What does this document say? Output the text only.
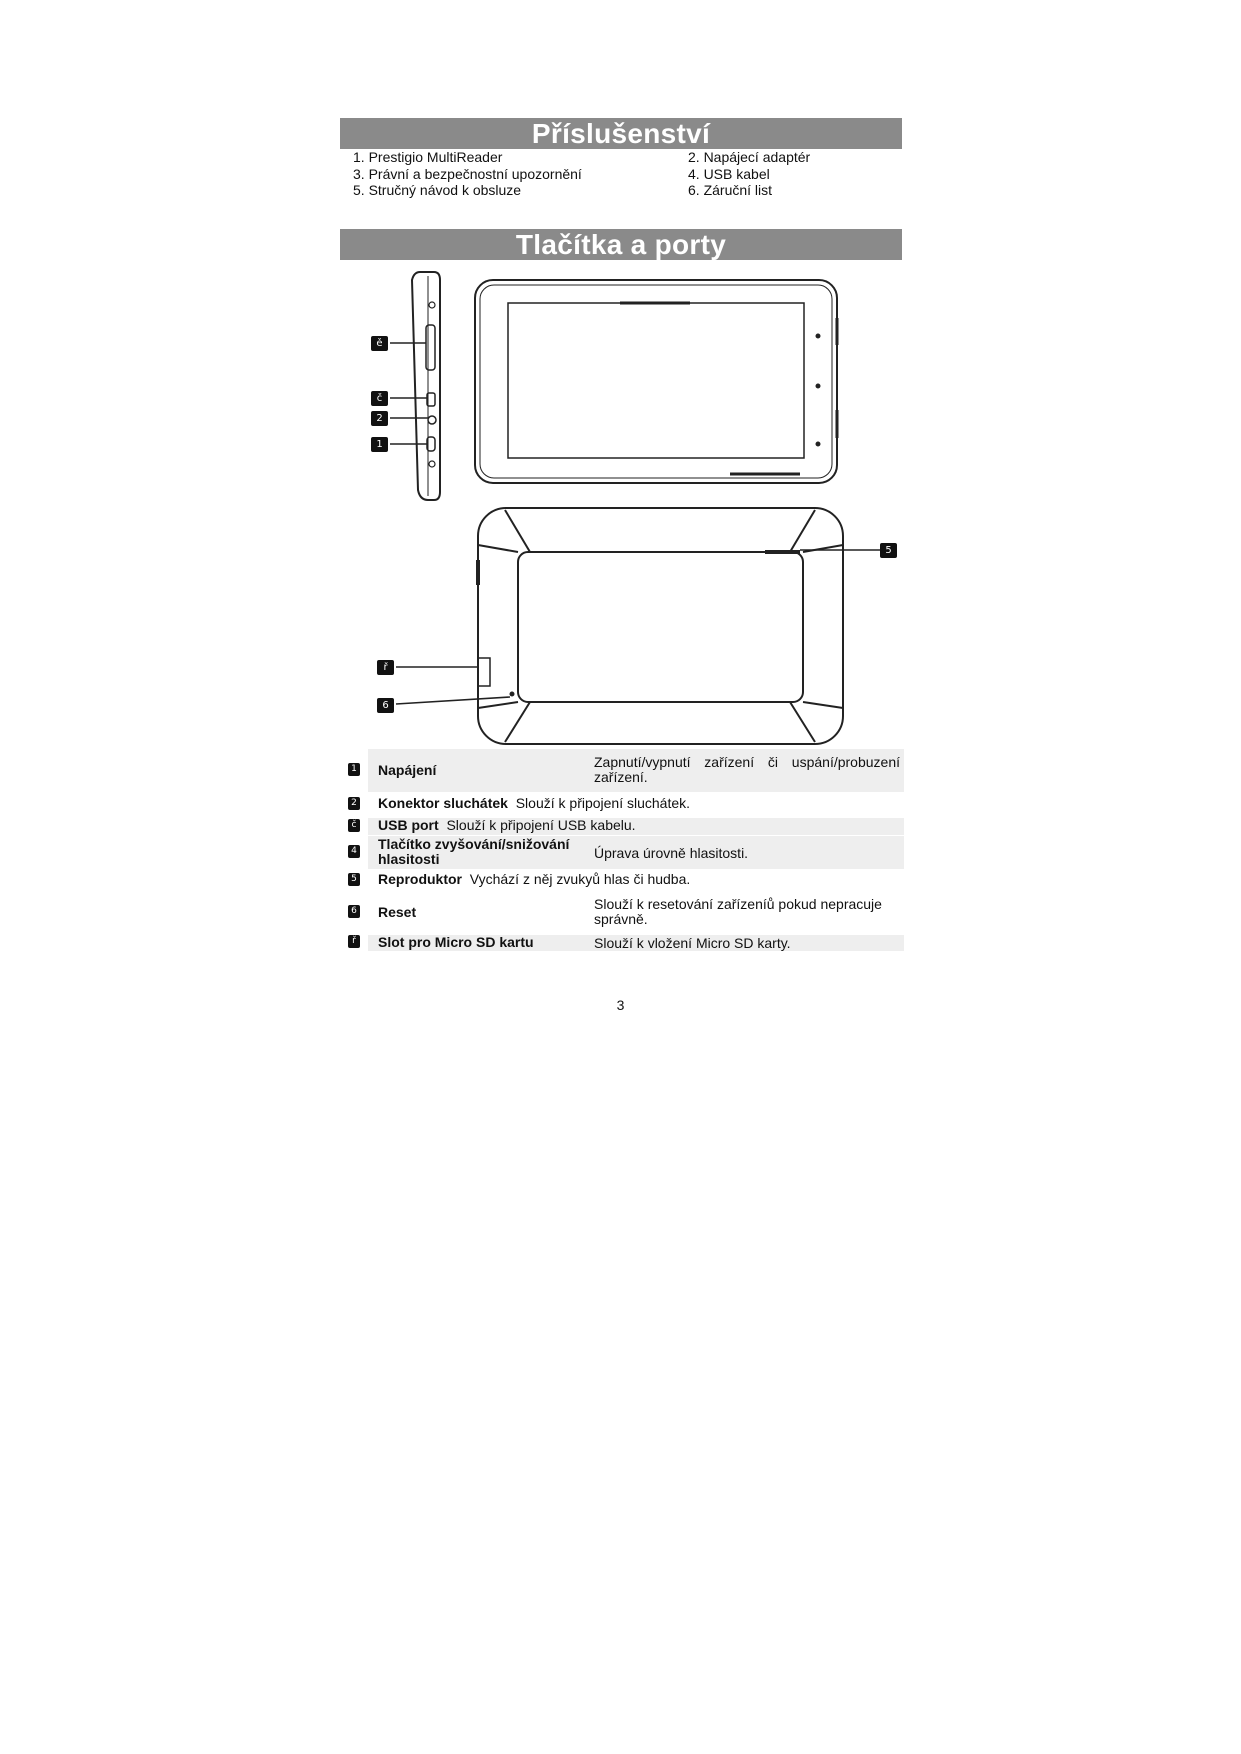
Příslušenství
1. Prestigio MultiReader	2. Napájecí adaptér
3. Právní a bezpečnostní upozornění	4. USB kabel
5. Stručný návod k obsluze	6. Záruční list
Tlačítka a porty
ě
č
2
1
5
ř
6
1 Napájení	Zapnutí/vypnutí zařízení či uspání/probuzení zařízení.
2 Konektor sluchátek Slouží k připojení sluchátek.
č USB port Slouží k připojení USB kabelu.
4 Tlačítko zvyšování/snižování hlasitosti	Úprava úrovně hlasitosti.
5 Reproduktor Vychází z něj zvukyů hlas či hudba.
6 Reset	Slouží k resetování zařízeníů pokud nepracuje správně.
ř Slot pro Micro SD kartu	Slouží k vložení Micro SD karty.
3
